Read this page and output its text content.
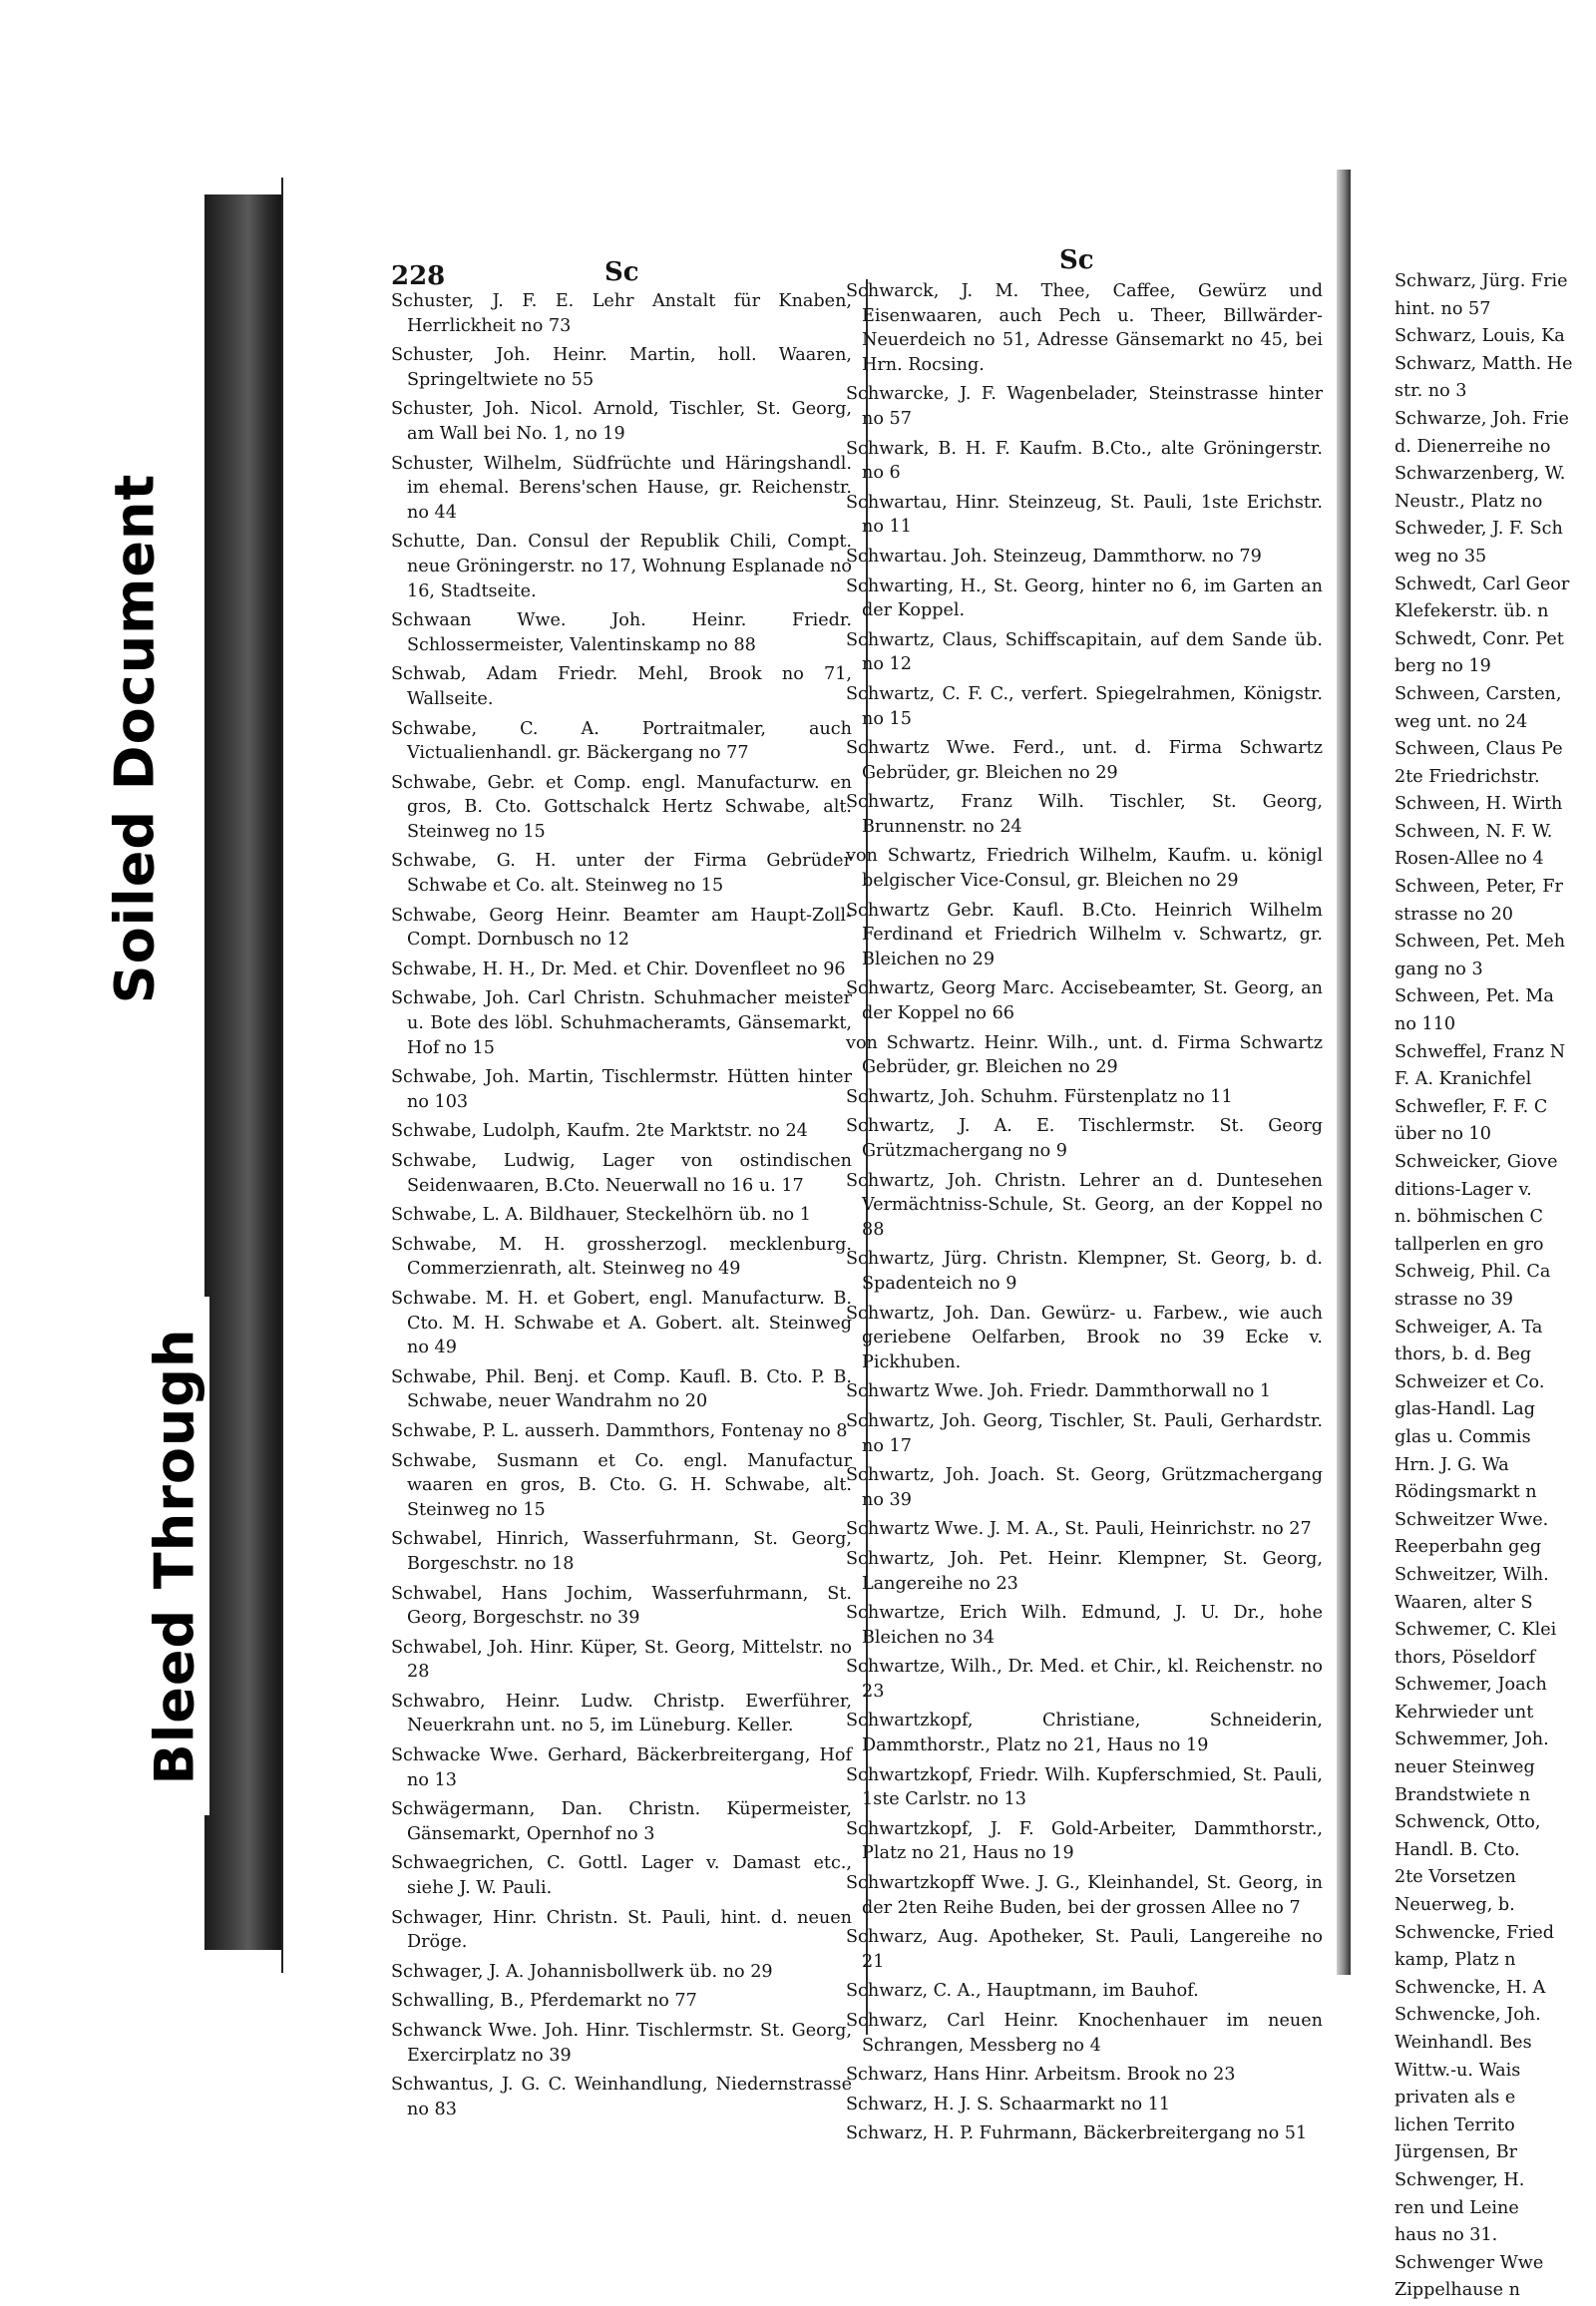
Soiled Document
Bleed Through
228	Sc	Sc
Schuster, J. F. E. Lehr Anstalt für Knaben, Herrlickheit no 73
Schuster, Joh. Heinr. Martin, holl. Waaren, Springeltwiete no 55
Schuster, Joh. Nicol. Arnold, Tischler, St. Georg, am Wall bei No. 1, no 19
Schuster, Wilhelm, Südfrüchte und Häringshandl. im ehemal. Berens'schen Hause, gr. Reichenstr. no 44
Schutte, Dan. Consul der Republik Chili, Compt. neue Gröningerstr. no 17, Wohnung Esplanade no 16, Stadtseite.
Schwaan Wwe. Joh. Heinr. Friedr. Schlossermeister, Valentinskamp no 88
Schwab, Adam Friedr. Mehl, Brook no 71, Wallseite.
Schwabe, C. A. Portraitmaler, auch Victualienhandl. gr. Bäckergang no 77
Schwabe, Gebr. et Comp. engl. Manufacturw. en gros, B. Cto. Gottschalck Hertz Schwabe, alt. Steinweg no 15
Schwabe, G. H. unter der Firma Gebrüder Schwabe et Co. alt. Steinweg no 15
Schwabe, Georg Heinr. Beamter am Haupt-Zoll-Compt. Dornbusch no 12
Schwabe, H. H., Dr. Med. et Chir. Dovenfleet no 96
Schwabe, Joh. Carl Christn. Schuhmacher meister u. Bote des löbl. Schuhmacheramts, Gänsemarkt, Hof no 15
Schwabe, Joh. Martin, Tischlermstr. Hütten hinter no 103
Schwabe, Ludolph, Kaufm. 2te Marktstr. no 24
Schwabe, Ludwig, Lager von ostindischen Seidenwaaren, B.Cto. Neuerwall no 16 u. 17
Schwabe, L. A. Bildhauer, Steckelhörn üb. no 1
Schwabe, M. H. grossherzogl. mecklenburg. Commerzienrath, alt. Steinweg no 49
Schwabe. M. H. et Gobert, engl. Manufacturw. B. Cto. M. H. Schwabe et A. Gobert. alt. Steinweg no 49
Schwabe, Phil. Benj. et Comp. Kaufl. B. Cto. P. B. Schwabe, neuer Wandrahm no 20
Schwabe, P. L. ausserh. Dammthors, Fontenay no 8
Schwabe, Susmann et Co. engl. Manufactur waaren en gros, B. Cto. G. H. Schwabe, alt. Steinweg no 15
Schwabel, Hinrich, Wasserfuhrmann, St. Georg, Borgeschstr. no 18
Schwabel, Hans Jochim, Wasserfuhrmann, St. Georg, Borgeschstr. no 39
Schwabel, Joh. Hinr. Küper, St. Georg, Mittelstr. no 28
Schwabro, Heinr. Ludw. Christp. Ewerführer, Neuerkrahn unt. no 5, im Lüneburg. Keller.
Schwacke Wwe. Gerhard, Bäckerbreitergang, Hof no 13
Schwägermann, Dan. Christn. Küpermeister, Gänsemarkt, Opernhof no 3
Schwaegrichen, C. Gottl. Lager v. Damast etc., siehe J. W. Pauli.
Schwager, Hinr. Christn. St. Pauli, hint. d. neuen Dröge.
Schwager, J. A. Johannisbollwerk üb. no 29
Schwalling, B., Pferdemarkt no 77
Schwanck Wwe. Joh. Hinr. Tischlermstr. St. Georg, Exercirplatz no 39
Schwantus, J. G. C. Weinhandlung, Niedernstrasse no 83
Schwarck, J. M. Thee, Caffee, Gewürz und Eisenwaaren, auch Pech u. Theer, Billwärder-Neuerdeich no 51, Adresse Gänsemarkt no 45, bei Hrn. Rocsing.
Schwarcke, J. F. Wagenbelader, Steinstrasse hinter no 57
Schwark, B. H. F. Kaufm. B.Cto., alte Gröningerstr. no 6
Schwartau, Hinr. Steinzeug, St. Pauli, 1ste Erichstr. no 11
Schwartau. Joh. Steinzeug, Dammthorw. no 79
Schwarting, H., St. Georg, hinter no 6, im Garten an der Koppel.
Schwartz, Claus, Schiffscapitain, auf dem Sande üb. no 12
Schwartz, C. F. C., verfert. Spiegelrahmen, Königstr. no 15
Schwartz Wwe. Ferd., unt. d. Firma Schwartz Gebrüder, gr. Bleichen no 29
Schwartz, Franz Wilh. Tischler, St. Georg, Brunnenstr. no 24
von Schwartz, Friedrich Wilhelm, Kaufm. u. königl belgischer Vice-Consul, gr. Bleichen no 29
Schwartz Gebr. Kaufl. B.Cto. Heinrich Wilhelm Ferdinand et Friedrich Wilhelm v. Schwartz, gr. Bleichen no 29
Schwartz, Georg Marc. Accisebeamter, St. Georg, an der Koppel no 66
von Schwartz. Heinr. Wilh., unt. d. Firma Schwartz Gebrüder, gr. Bleichen no 29
Schwartz, Joh. Schuhm. Fürstenplatz no 11
Schwartz, J. A. E. Tischlermstr. St. Georg Grützmachergang no 9
Schwartz, Joh. Christn. Lehrer an d. Duntesehen Vermächtniss-Schule, St. Georg, an der Koppel no 88
Schwartz, Jürg. Christn. Klempner, St. Georg, b. d. Spadenteich no 9
Schwartz, Joh. Dan. Gewürz- u. Farbew., wie auch geriebene Oelfarben, Brook no 39 Ecke v. Pickhuben.
Schwartz Wwe. Joh. Friedr. Dammthorwall no 1
Schwartz, Joh. Georg, Tischler, St. Pauli, Gerhardstr. no 17
Schwartz, Joh. Joach. St. Georg, Grützmachergang no 39
Schwartz Wwe. J. M. A., St. Pauli, Heinrichstr. no 27
Schwartz, Joh. Pet. Heinr. Klempner, St. Georg, Langereihe no 23
Schwartze, Erich Wilh. Edmund, J. U. Dr., hohe Bleichen no 34
Schwartze, Wilh., Dr. Med. et Chir., kl. Reichenstr. no 23
Schwartzkopf, Christiane, Schneiderin, Dammthorstr., Platz no 21, Haus no 19
Schwartzkopf, Friedr. Wilh. Kupferschmied, St. Pauli, 1ste Carlstr. no 13
Schwartzkopf, J. F. Gold-Arbeiter, Dammthorstr., Platz no 21, Haus no 19
Schwartzkopff Wwe. J. G., Kleinhandel, St. Georg, in der 2ten Reihe Buden, bei der grossen Allee no 7
Schwarz, Aug. Apotheker, St. Pauli, Langereihe no 21
Schwarz, C. A., Hauptmann, im Bauhof.
Schwarz, Carl Heinr. Knochenhauer im neuen Schrangen, Messberg no 4
Schwarz, Hans Hinr. Arbeitsm. Brook no 23
Schwarz, H. J. S. Schaarmarkt no 11
Schwarz, H. P. Fuhrmann, Bäckerbreitergang no 51
Schwarz, Jürg. Frie
hint. no 57
Schwarz, Louis, Ka
Schwarz, Matth. He
str. no 3
Schwarze, Joh. Frie
d. Dienerreihe no
Schwarzenberg, W.
Neustr., Platz no
Schweder, J. F. Sch
weg no 35
Schwedt, Carl Geor
Klefekerstr. üb. n
Schwedt, Conr. Pet
berg no 19
Schween, Carsten,
weg unt. no 24
Schween, Claus Pe
2te Friedrichstr.
Schween, H. Wirth
Schween, N. F. W.
Rosen-Allee no 4
Schween, Peter, Fr
strasse no 20
Schween, Pet. Meh
gang no 3
Schween, Pet. Ma
no 110
Schweffel, Franz N
F. A. Kranichfel
Schwefler, F. F. C
über no 10
Schweicker, Giove
ditions-Lager v.
n. böhmischen C
tallperlen en gro
Schweig, Phil. Ca
strasse no 39
Schweiger, A. Ta
thors, b. d. Beg
Schweizer et Co.
glas-Handl. Lag
glas u. Commis
Hrn. J. G. Wa
Rödingsmarkt n
Schweitzer Wwe.
Reeperbahn geg
Schweitzer, Wilh.
Waaren, alter S
Schwemer, C. Klei
thors, Pöseldorf
Schwemer, Joach
Kehrwieder unt
Schwemmer, Joh.
neuer Steinweg
Brandstwiete n
Schwenck, Otto,
Handl. B. Cto.
2te Vorsetzen
Neuerweg, b.
Schwencke, Fried
kamp, Platz n
Schwencke, H. A
Schwencke, Joh.
Weinhandl. Bes
Wittw.-u. Wais
privaten als e
lichen Territo
Jürgensen, Br
Schwenger, H.
ren und Leine
haus no 31.
Schwenger Wwe
Zippelhause n
